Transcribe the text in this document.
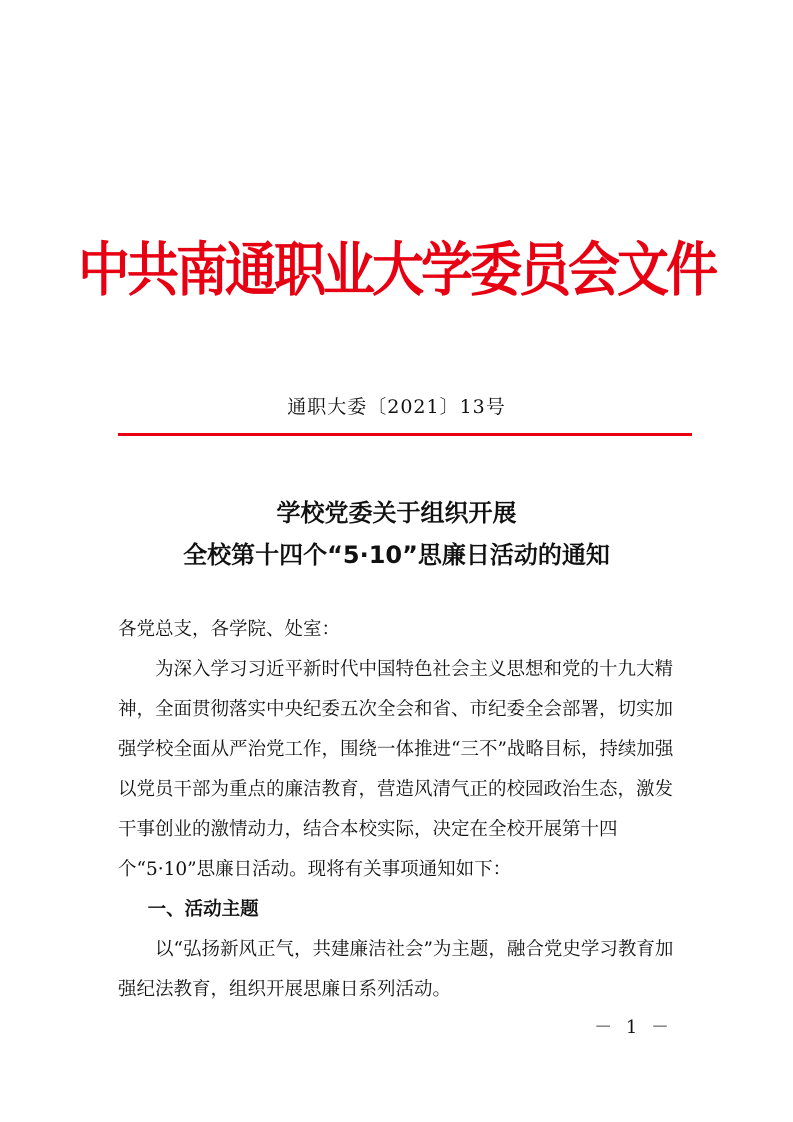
中共南通职业大学委员会文件
通职大委〔2021〕13号
学校党委关于组织开展
全校第十四个“5·10”思廉日活动的通知

各党总支，各学院、处室：

为深入学习习近平新时代中国特色社会主义思想和党的十九大精神，全面贯彻落实中央纪委五次全会和省、市纪委全会部署，切实加强学校全面从严治党工作，围绕一体推进“三不”战略目标，持续加强以党员干部为重点的廉洁教育，营造风清气正的校园政治生态，激发干事创业的激情动力，结合本校实际，决定在全校开展第十四个“5·10”思廉日活动。现将有关事项通知如下：

一、活动主题

以“弘扬新风正气，共建廉洁社会”为主题，融合党史学习教育加强纪法教育，组织开展思廉日系列活动。

－ 1 －
